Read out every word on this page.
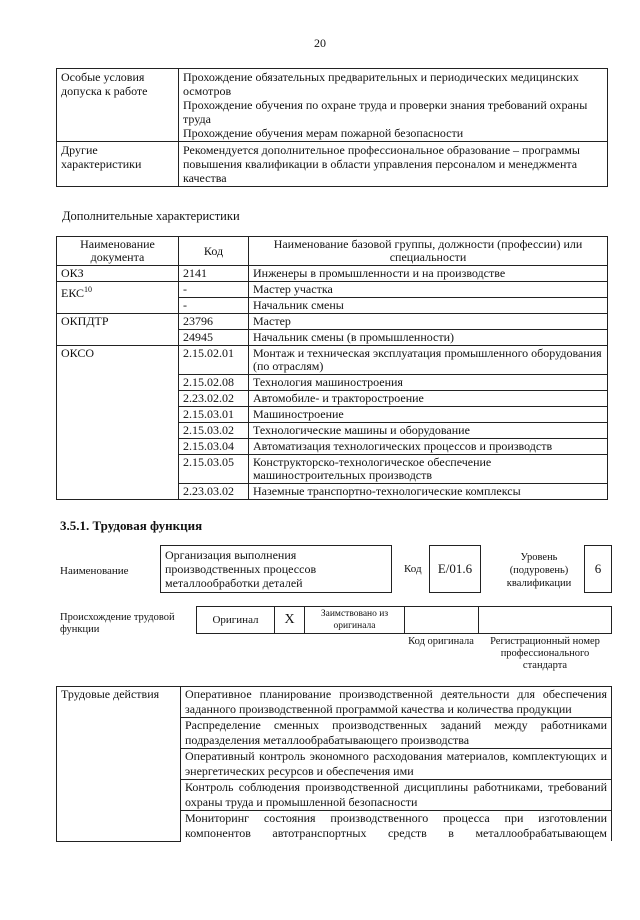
20
Особые условия допуска к работе	Прохождение обязательных предварительных и периодических медицинских осмотров
Прохождение обучения по охране труда и проверки знания требований охраны труда
Прохождение обучения мерам пожарной безопасности
Другие характеристики	Рекомендуется дополнительное профессиональное образование – программы повышения квалификации в области управления персоналом и менеджмента качества
Дополнительные характеристики
Наименование документа	Код	Наименование базовой группы, должности (профессии) или специальности
ОКЗ	2141	Инженеры в промышленности и на производстве
ЕКС$^{10}$	-	Мастер участка
	-	Начальник смены
ОКПДТР	23796	Мастер
	24945	Начальник смены (в промышленности)
ОКСО	2.15.02.01	Монтаж и техническая эксплуатация промышленного оборудования (по отраслям)
	2.15.02.08	Технология машиностроения
	2.23.02.02	Автомобиле- и тракторостроение
	2.15.03.01	Машиностроение
	2.15.03.02	Технологические машины и оборудование
	2.15.03.04	Автоматизация технологических процессов и производств
	2.15.03.05	Конструкторско-технологическое обеспечение машиностроительных производств
	2.23.03.02	Наземные транспортно-технологические комплексы
3.5.1. Трудовая функция
Наименование
Организация выполнения производственных процессов металлообработки деталей
Код	E/01.6
Уровень (подуровень) квалификации
6
Происхождение трудовой функции
Оригинал	X	Заимствовано из оригинала
Код оригинала	Регистрационный номер профессионального стандарта
Трудовые действия	Оперативное планирование производственной деятельности для обеспечения заданного производственной программой качества и количества продукции
Распределение сменных производственных заданий между работниками подразделения металлообрабатывающего производства
Оперативный контроль экономного расходования материалов, комплектующих и энергетических ресурсов и обеспечения ими
Контроль соблюдения производственной дисциплины работниками, требований охраны труда и промышленной безопасности
Мониторинг состояния производственного процесса при изготовлении компонентов автотранспортных средств в металлообрабатывающем
